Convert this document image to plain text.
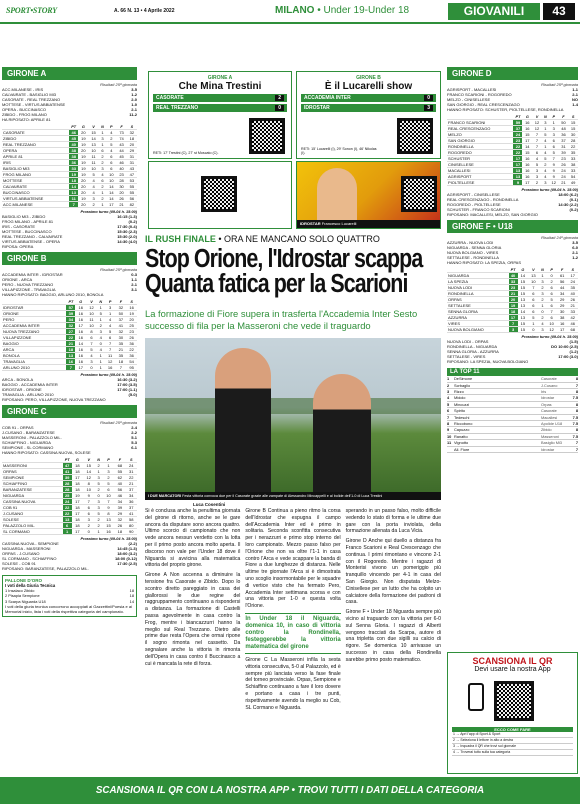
SPORT•STORY	A. 66 N. 13 • 4 Aprile 2022	MILANO • Under 19-Under 18	GIOVANILI	43
GIRONE A
Risultati 25ª giornata
ACC.MILANESE - IRIS	3-5
CALVAIRATE - BASIGLIO MI3	1-2
CASORATE - REAL TREZZANO	2-0
MOTTESE - VIRTUS ABBIATENSE	1-0
OPERA - BUCCINASCO	2-1
ZIBIDO - FROG MILANO	11-2
HA RIPOSATO: APRILE 81
	PT	G	V	N	P	F	S
CASORATE	46	20	15	1	4	73	32
ZIBIDO	45	19	14	3	2	74	18
REAL TREZZANO	40	19	13	1	5	43	20
OPERA	38	20	10	6	4	44	29
APRILE 81	38	19	11	2	6	45	31
IRIS	36	19	11	2	6	46	31
BASIGLIO MI3	33	19	10	3	6	40	43
FROG MILANO	19	19	5	4	10	23	47
MOTTESE	18	20	4	6	10	28	53
CALVAIRATE	14	20	4	2	14	30	55
BUCCINASCO	13	20	4	1	14	20	55
VIRTUS ABBIATENSE	11	19	3	2	14	26	56
ACC.MILANESE	7	20	2	1	17	21	82
Prossimo turno (09-04 h. 15:00)
BASIGLIO MI3 - ZIBIDO	16:15 (1-3)
FROG MILANO - APRILE 81	(0-2)
IRIS - CASORATE	17:30 (0-4)
MOTTESE - BUCCINASCO	15:30 (2-3)
REAL TREZZANO - CALVAIRATE	15:30 (2-0)
VIRTUS ABBIATENSE - OPERA	14:30 (4-0)
RIPOSA: OPERA
GIRONE B
Risultati 25ª giornata
ACCADEMIA INTER - IDROSTAR	0-3
ORIONE - ARCA	1-1
PERO - NUOVA TREZZANO	2-1
VILLAPIZZONE - TRAVAGLIA	3-1
HANNO RIPOSATO: BAGGIO, ARLUNO 2010, BONOLA
	PT	G	V	N	P	F	S
IDROSTAR	57	16	12	1	3	32	16
ORIONE	39	16	10	5	1	50	19
PERO	34	16	11	1	4	37	20
ACCADEMIA INTER	32	17	10	2	4	41	25
NUOVA TREZZANO	27	16	8	3	5	32	23
VILLAPIZZONE	22	16	6	4	6	30	26
BAGGIO	21	14	7	0	7	35	36
ARCA	18	16	5	4	7	21	22
BONOLA	13	16	4	1	11	35	36
TRAVAGLIA	16	16	3	1	12	18	54
ARLUNO 2010	7	17	0	1	16	7	95
Prossimo turno (09-04 h. 15:00)
ARCA - BONOLA	16:30 (3-2)
BAGGIO - ACCADEMIA INTER	17:00 (3-5)
IDROSTAR - ORIONE	17:00 (1-1)
TRAVAGLIA - ARLUNO 2010	(5-0)
RIPOSANO: PERO, VILLAPIZZONE, NUOVA TREZZANO
GIRONE C
Risultati 25ª giornata
COB 91 - ORPAS	2-4
J.CUSANO - BARANZATESE	2-2
MASSERONI - PALAZZOLO MIL.	5-1
SCHIAFFINO - NIGUARDA	5-3
SEMPIONE - SL CORMANO	6-1
HANNO RIPOSATO: CASSINA NUOVA, SOLESE
	PT	G	V	N	P	F	S
MASSERONI	47	18	15	2	1	68	24
ORPAS	41	18	14	1	3	55	31
SEMPIONE	39	17	12	3	2	62	22
SCHIAFFINO	28	18	8	5	5	40	21
BARANZATESE	28	18	10	2	6	56	37
NIGUARDA	25	19	9	0	10	46	34
CASSINA NUOVA	24	17	7	3	7	34	36
COB 91	22	18	6	3	9	39	37
J.CUSANO	22	17	6	5	8	29	41
SOLESE	13	18	3	2	13	32	58
PALAZZOLO MIL.	6	18	2	2	15	26	80
SL CORMANO	1	17	0	1	16	18	90
Prossimo turno (09-04 h. 15:00)
CASSINA NUOVA - SEMPIONE	(2-2)
NIGUARDA - MASSERONI	14:45 (1-3)
ORPAS - J.CUSANO	18:00 (3-2)
SL CORMANO - SCHIAFFINO	18:00 (0-12)
SOLESE - COB 91	17:30 (2-5)
RIPOSANO: BARANZATESE, PALAZZOLO MIL.
PALLONE D'ORO
I voti della Giuria Tecnica
1 Insalaco Zibido	18
2 Pisapia Sempione	18
3 Scarpa Niguarda U18	14
I voti della giuria tecnica concorrono accoppiati ai Gazzettini/Poesia e ai Memorial inizio, lista i voti della rispettiva categoria del campionato.
GIRONE A
Che Mina Trestini
CASORATE	2
REAL TREZZANO	0
RETI: 17' Trestini (C), 27' st Moscato (C).
GIRONE B
È il Lucarelli show
ACCADEMIA INTER	0
IDROSTAR	3
RETI: 15' Lucarelli (I), 29' Sonon (I), 46' Nikolas (I).
IDROSTAR Francesco Lucarelli
IL RUSH FINALE • ORA NE MANCANO SOLO QUATTRO
Stop Orione, l'Idrostar scappa Quanta fatica per la Scarioni
La formazione di Fiore supera in trasferta l'Accademia Inter Sesto successo di fila per la Masseroni che vede il traguardo
I DUE MARCATORI Festa vittoria convoca due per il Casorate grazie alle zampate di Alessandro Mincappelli e al bolide dell'1-0 di Luca Trestini
Luca Cosentini

Si è conclusa anche la penultima giornata del girone di ritorno, anche se le gare ancora da disputare sono ancora quattro. Ultimo scorcio di campionato che non vede ancora nessun verdetto con la lotta per il primo posto ancora molto aperta. Il discorso non vale per l'Under 18 dove il Niguarda si avvicina alla matematica vittoria del proprio girone.

Girone A Non accenna a diminuire la tensione fra Casorate e Zibido. Dopo lo scontro diretto pareggiato in casa dei giallorossi le due regine del raggruppamento continuano a rispondersi a distanza. La formazione di Castelli passa agevolmente in casa contro la Frog, mentre i biancazzurri hanno la meglio sul Real Trezzano. Dietro alle prime due resta l'Opera che ormai ripone il sogno rimonta nel cassetto. Da segnalare anche la vittoria in rimonta dell'Opera in casa contro il Buccinasco a cui è mancata la rete di forza.

Girone B Continua a pieno ritmo la corsa dell'Idrostar che espugna il campo dell'Accademia Inter ed è primo in solitaria. Seconda sconfitta consecutiva per i nerazzurri e primo stop interno del loro campionato. Mezzo passo falso per l'Orione che non va oltre l'1-1 in casa contro l'Arca e vede scappare la banda di Fiore a due lunghezze di distanza. Nelle ultime tre giornate l'Arca si è dimostrata uno scoglio insormontabile per le squadre di vertice visto che ha fermato Pero, Accademia Inter settimana scorsa e con una vittoria per 1-0 e questa volta l'Orione.

In Under 18 il Niguarda, domenica 10, in caso di vittoria contro la Rondinella, festeggerebbe la vittoria matematica del girone

Girone C La Masseroni infila la sesta vittoria consecutiva, 5-0 al Palazzolo, ed è sempre più lanciata verso la fase finale del torneo provinciale. Orpas, Sempione e Schiaffino continuano a fare il loro dovere e portano a casa i tre punti, rispettivamente avendo la meglio su Cob, SL Cormano e Niguarda.

sperando in un passo falso, molto difficile vedendo lo stato di forma e le ultime due gare con la porta inviolata, della formazione allenata da Luca Vicia.

Girone D Anche qui duello a distanza fra Franco Scarioni e Real Crescenzago che continua. I primi rimontano e vincono 2-1 con il Rogoredo. Mentre i ragazzi di Monterisi vivono un pomeriggio più tranquillo vincendo per 4-1 in casa del San Giorgio. Non disputata Melzo-Cinisellese per un lutto che ha colpito un calciatore della formazione dei padroni di casa.

Girone F • Under 18 Niguarda sempre più vicino al traguardo con la vittoria per 6-0 sul Senna Gloria. I ragazzi di Alberti vengono tracciati da Scarpa, autore di una tripletta con due sigilli su calcio di rigore. Se domenica 10 arrivasse un successo in casa della Rondinella sarebbe primo posto matematico.

GIRONE D
Risultati 25ª giornata
AGRISPORT - MACALLESI	1-1
FRANCO SCARIONI - ROGOREDO	2-1
MELZO - CINISELLESE	NO
SAN GIORGIO - REAL CRESCENZAGO	1-4
HANNO RIPOSATO: SCHUSTER, PIOLTELLESE, RONDINELLA
	PT	G	V	N	P	F	S
FRANCO SCARIONI	59	16	12	3	1	50	15
REAL CRESCENZAGO	37	16	12	1	3	48	15
MELZO	24	15	7	5	3	36	30
SAN GIORGIO	23	17	7	4	6	37	28
RONDINELLA	22	14	7	1	6	31	22
ROGOREDO	22	15	6	4	5	39	35
SCHUSTER	17	16	4	5	7	23	33
CINISELLESE	17	16	5	2	9	26	38
MACALLESI	13	16	3	4	9	24	33
AGRISPORT	13	16	3	4	9	24	54
PIOLTELLESE	9	17	2	3	12	21	49
Prossimo turno (09-04 h. 15:00)
AGRISPORT - CINISELLESE	18:00 (6-2)
REAL CRESCENZAGO - RONDINELLA	(0-1)
ROGOREDO - PIOLTELLESE	14:30 (2-2)
SCHUSTER - FRANCO SCARIONI	(0-2)
RIPOSANO: MACALLESI, MELZO, SAN GIORGIO
GIRONE F • U18
Risultati 24ª giornata
AZZURRA - NUOVA LODI	3-5
NIGUARDA - SENNA GLORIA	6-0
NUOVA BOLGIANO - VIRES	2-1
SETTALESE - RONDINELLA	1-2
HANNO RIPOSATO: LA SPEZIA, ORPAS
	PT	G	V	N	P	F	S
NIGUARDA	40	14	13	1	0	61	17
LA SPEZIA	33	15	10	3	2	56	24
NUOVA LODI	23	15	7	2	6	44	35
RONDINELLA	21	15	6	3	6	34	40
ORPAS	20	13	6	2	5	29	26
SETTALESE	19	13	6	1	6	29	21
SENNA GLORIA	18	14	6	0	7	30	33
AZZURRA	17	13	5	2	6	38	42
VIRES	7	15	1	4	10	16	46
NUOVA BOLGIANO	3	15	0	3	12	17	68
Prossimo turno (09-04 h. 15:00)
NUOVA LODI - ORPAS	(1-5)
RONDINELLA - NIGUARDA	DO 10:00 (2-5)
SENNA GLORIA - AZZURRA	(1-2)
SETTALESE - VIRES	17:00 (3-0)
RIPOSANO: LA SPEZIA, NUOVA BOLGIANO
LA TOP 11
1	DeSimone	Casorate	8
2	Scrbaglio	J.Cusano	7
3	Rizzo	Iris	8
4	Midolo	Idrostar	7.5
5	Mincuzzi	Orpas	8
6	Spirito	Casorate	8
7	Tedeschi	Macallesi	7.5
8	Riccobono	Apolide U18	7.5
9	Capuzzo	Zibido	8
10 Ranatto	Masseroni	7.5
11 Vignotto	Basiglio Mi3	7
All. Fiore	Idrostar	7
SCANSIONA IL QR
Devi usare la nostra App
ECCO COME FARE
1 → Apri l'app di Sport & Sport
2 → Seleziona il lettore in alto a destra
3 → Inquadra il QR che trovi sul giornale
4 → Troverai tutto sulla tua categoria
SCANSIONA IL QR CON LA NOSTRA APP • TROVI TUTTI I DATI DELLA CATEGORIA
